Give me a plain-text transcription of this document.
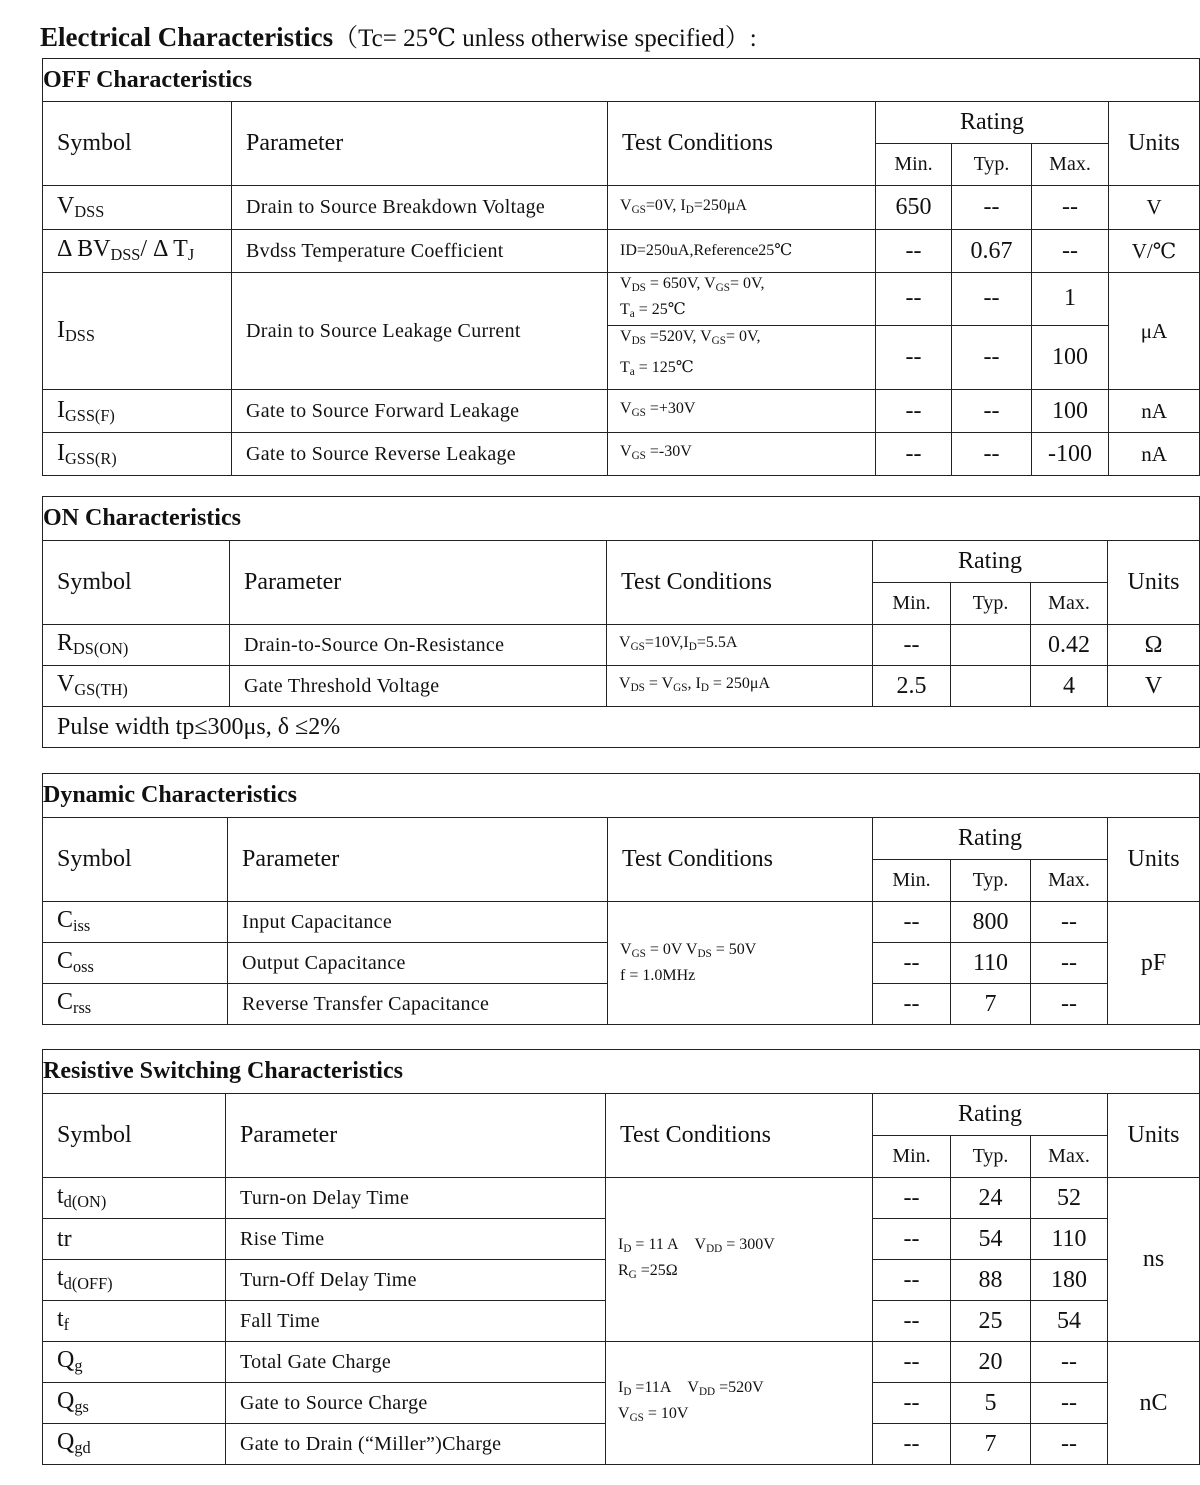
Electrical Characteristics（Tc= 25℃ unless otherwise specified）:
OFF Characteristics						
Symbol	Parameter	Test Conditions	Rating			Units
			Min.	Typ.	Max.	
$V_{DSS}$	Drain to Source Breakdown Voltage	$V_{GS}=0V$, $I_D=250\mu A$	650	--	--	V
Δ $BV_{DSS}/$ Δ $T_J$	Bvdss Temperature Coefficient	ID=250uA,Reference25℃	--	0.67	--	V/℃
$I_{DSS}$	Drain to Source Leakage Current	$V_{DS} = 650V$, $V_{GS}= 0V$,
$T_a$ = 25℃	--	--	1	μA
		$V_{DS} =520V$, $V_{GS}= 0V$,
$T_a$ = 125℃	--	--	100	
$I_{GSS(F)}$	Gate to Source Forward Leakage	$V_{GS} =+30V$	--	--	100	nA
$I_{GSS(R)}$	Gate to Source Reverse Leakage	$V_{GS} =-30V$	--	--	-100	nA
ON Characteristics						
Symbol	Parameter	Test Conditions	Rating			Units
			Min.	Typ.	Max.	
$R_{DS(ON)}$	Drain-to-Source On-Resistance	$V_{GS}=10V,I_D=5.5A$	--		0.42	Ω
$V_{GS(TH)}$	Gate Threshold Voltage	$V_{DS} = V_{GS}$, $I_D = 250\mu A$	2.5		4	V
Pulse width tp≤300μs, δ ≤2%						
Dynamic Characteristics						
Symbol	Parameter	Test Conditions	Rating			Units
			Min.	Typ.	Max.	
$C_{iss}$	Input Capacitance	$V_{GS} = 0V$ $V_{DS} = 50V$
f = 1.0MHz	--	800	--	pF
$C_{oss}$	Output Capacitance		--	110	--	
$C_{rss}$	Reverse Transfer Capacitance		--	7	--	
Resistive Switching Characteristics						
Symbol	Parameter	Test Conditions	Rating			Units
			Min.	Typ.	Max.	
$t_{d(ON)}$	Turn-on Delay Time	$I_D = 11$ A    $V_{DD} = 300V$
$R_G =25\Omega$	--	24	52	ns
tr	Rise Time		--	54	110	
$t_{d(OFF)}$	Turn-Off Delay Time		--	88	180	
$t_f$	Fall Time		--	25	54	
$Q_g$	Total Gate Charge	$I_D =11A$    $V_{DD} =520V$
$V_{GS} = 10V$	--	20	--	nC
$Q_{gs}$	Gate to Source Charge		--	5	--	
$Q_{gd}$	Gate to Drain (“Miller”)Charge		--	7	--	
